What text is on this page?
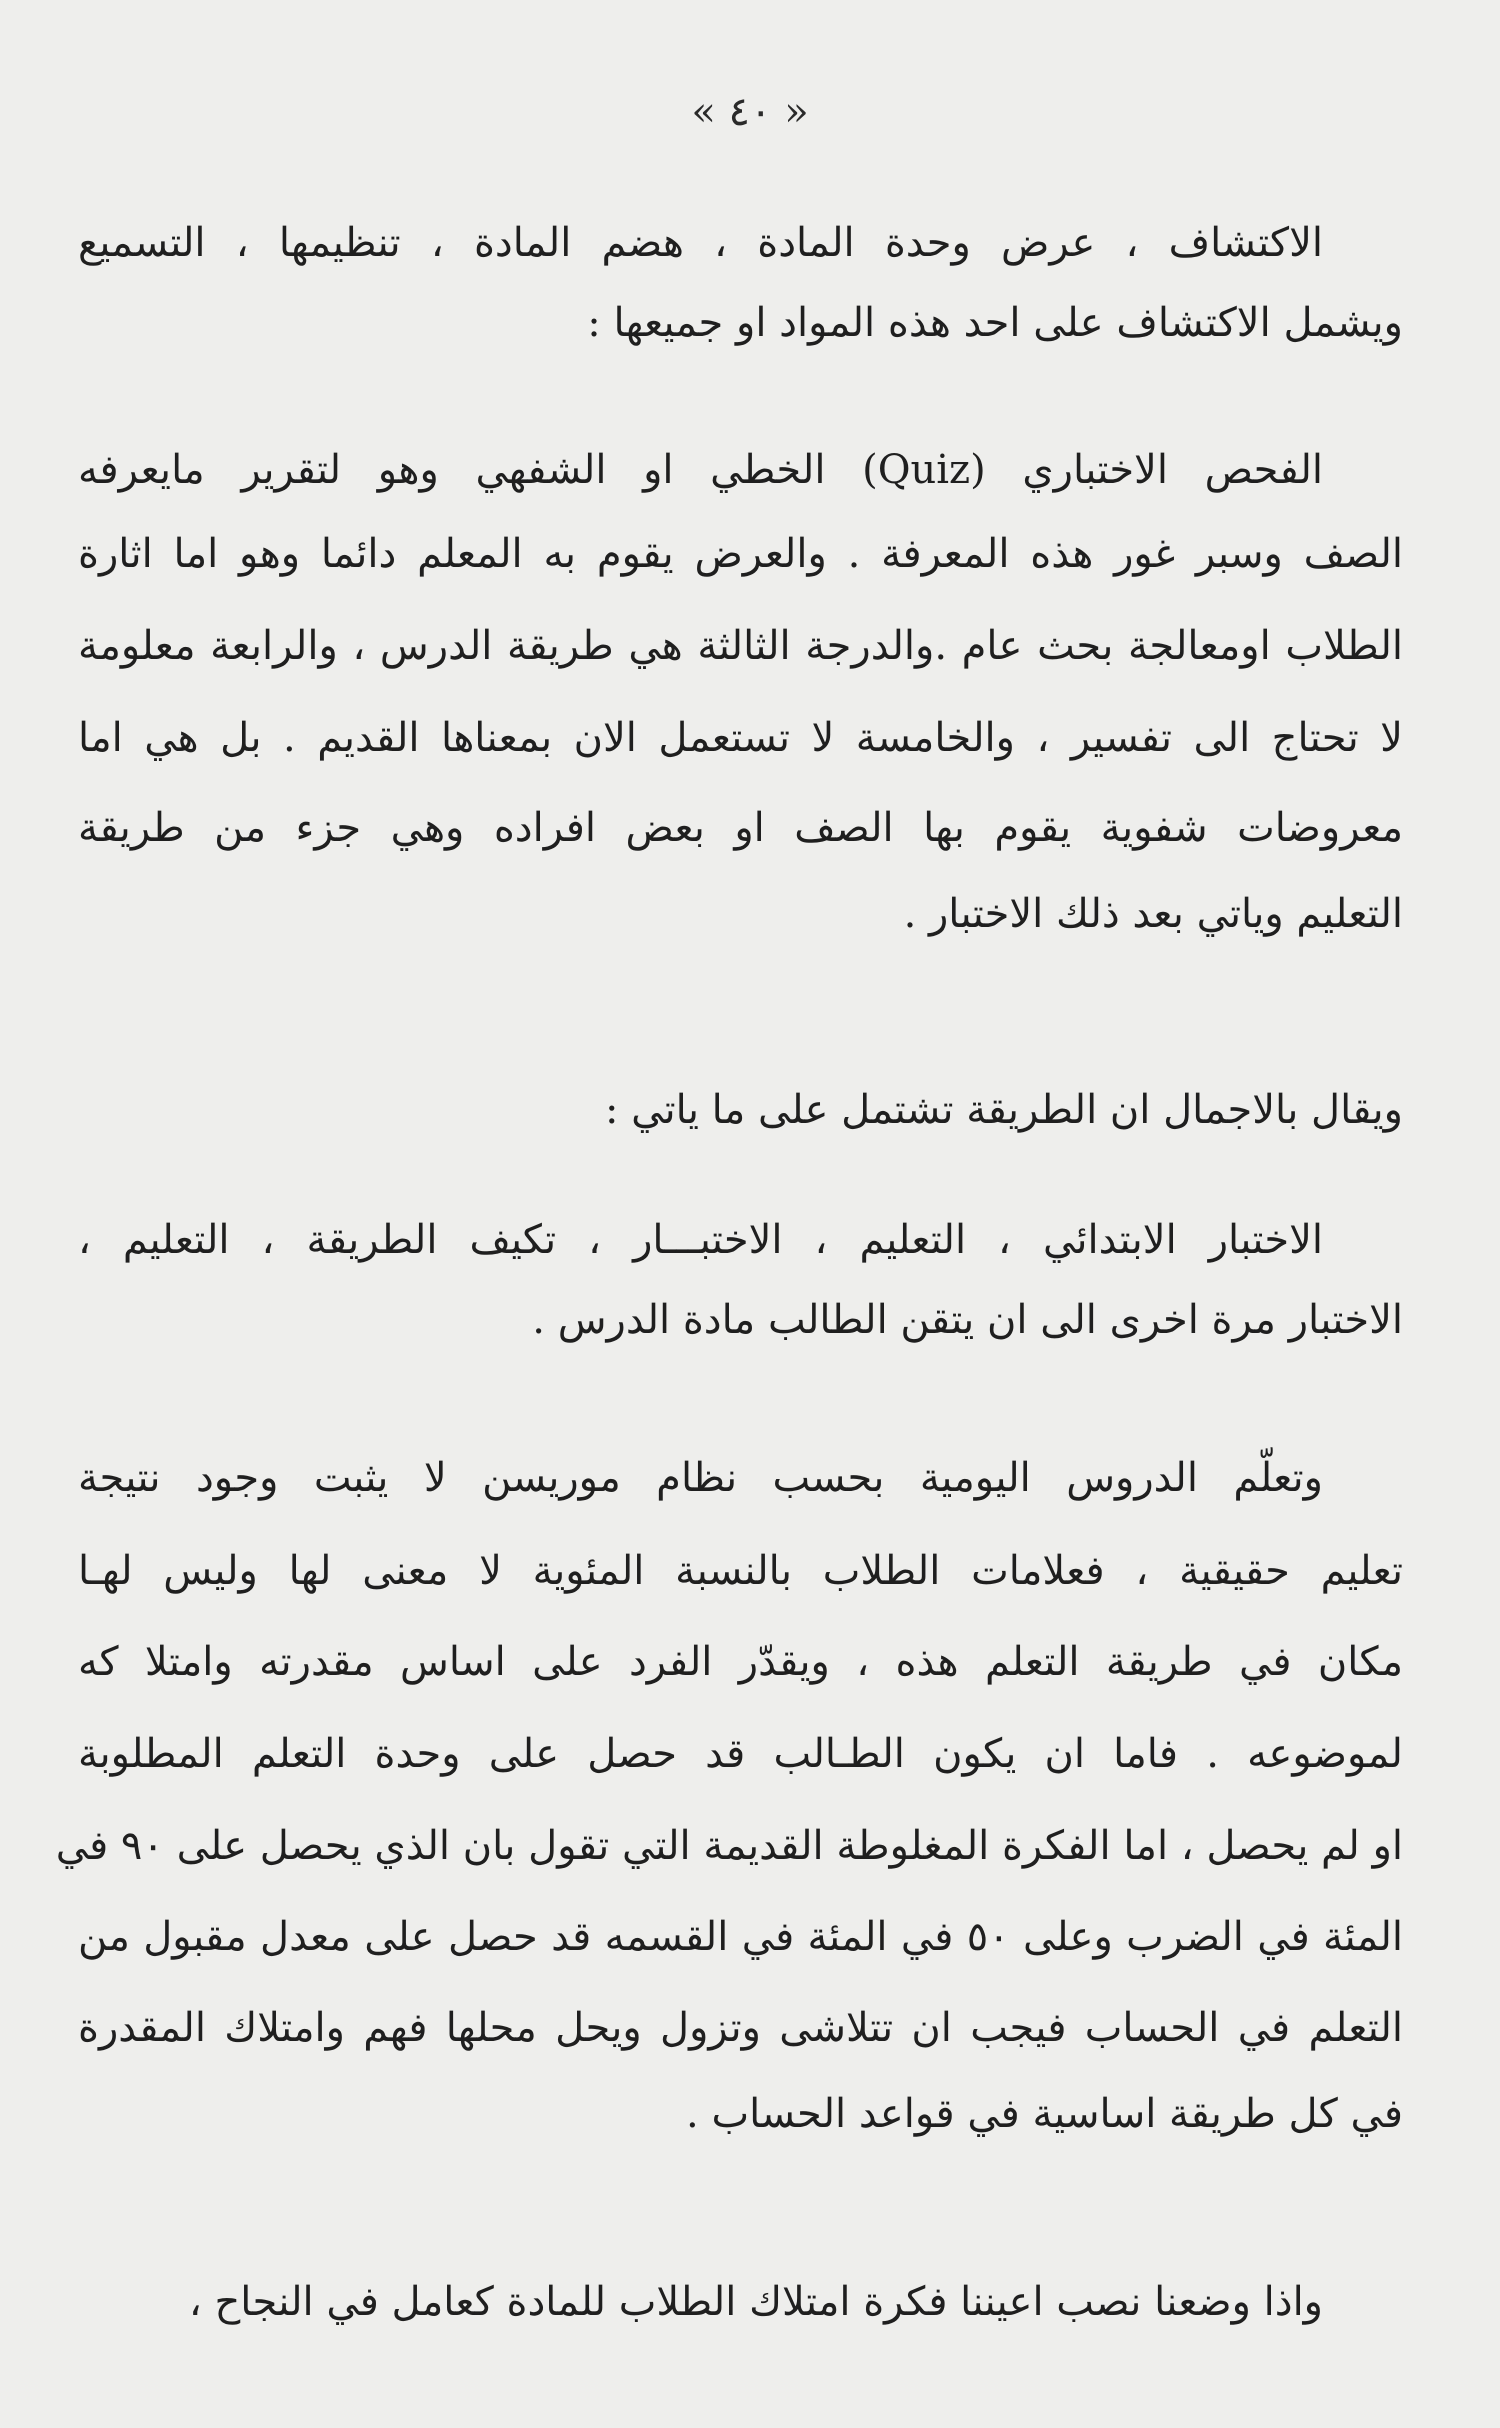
« ٤٠ »
الاكتشاف ، عرض وحدة المادة ، هضم المادة ، تنظيمها ، التسميع
ويشمل الاكتشاف على احد هذه المواد او جميعها :
الفحص الاختباري (Quiz) الخطي او الشفهي وهو لتقرير مايعرفه
الصف وسبر غور هذه المعرفة . والعرض يقوم به المعلم دائما وهو اما اثارة
الطلاب اومعالجة بحث عام .والدرجة الثالثة هي طريقة الدرس ، والرابعة معلومة
لا تحتاج الى تفسير ، والخامسة لا تستعمل الان بمعناها القديم . بل هي اما
معروضات شفوية يقوم بها الصف او بعض افراده وهي جزء من طريقة
التعليم وياتي بعد ذلك الاختبار .
ويقال بالاجمال ان الطريقة تشتمل على ما ياتي :
الاختبار الابتدائي ، التعليم ، الاختبـــار ، تكيف الطريقة ، التعليم ،
الاختبار مرة اخرى الى ان يتقن الطالب مادة الدرس .
وتعلّم الدروس اليومية بحسب نظام موريسن لا يثبت وجود نتيجة
تعليم حقيقية ، فعلامات الطلاب بالنسبة المئوية لا معنى لها وليس لهـا
مكان في طريقة التعلم هذه ، ويقدّر الفرد على اساس مقدرته وامتلا كه
لموضوعه . فاما ان يكون الطـالب قد حصل على وحدة التعلم المطلوبة
او لم يحصل ، اما الفكرة المغلوطة القديمة التي تقول بان الذي يحصل على ٩٠ في
المئة في الضرب وعلى ٥٠ في المئة في القسمه قد حصل على معدل مقبول من
التعلم في الحساب فيجب ان تتلاشى وتزول ويحل محلها فهم وامتلاك المقدرة
في كل طريقة اساسية في قواعد الحساب .
واذا وضعنا نصب اعيننا فكرة امتلاك الطلاب للمادة كعامل في النجاح ،
